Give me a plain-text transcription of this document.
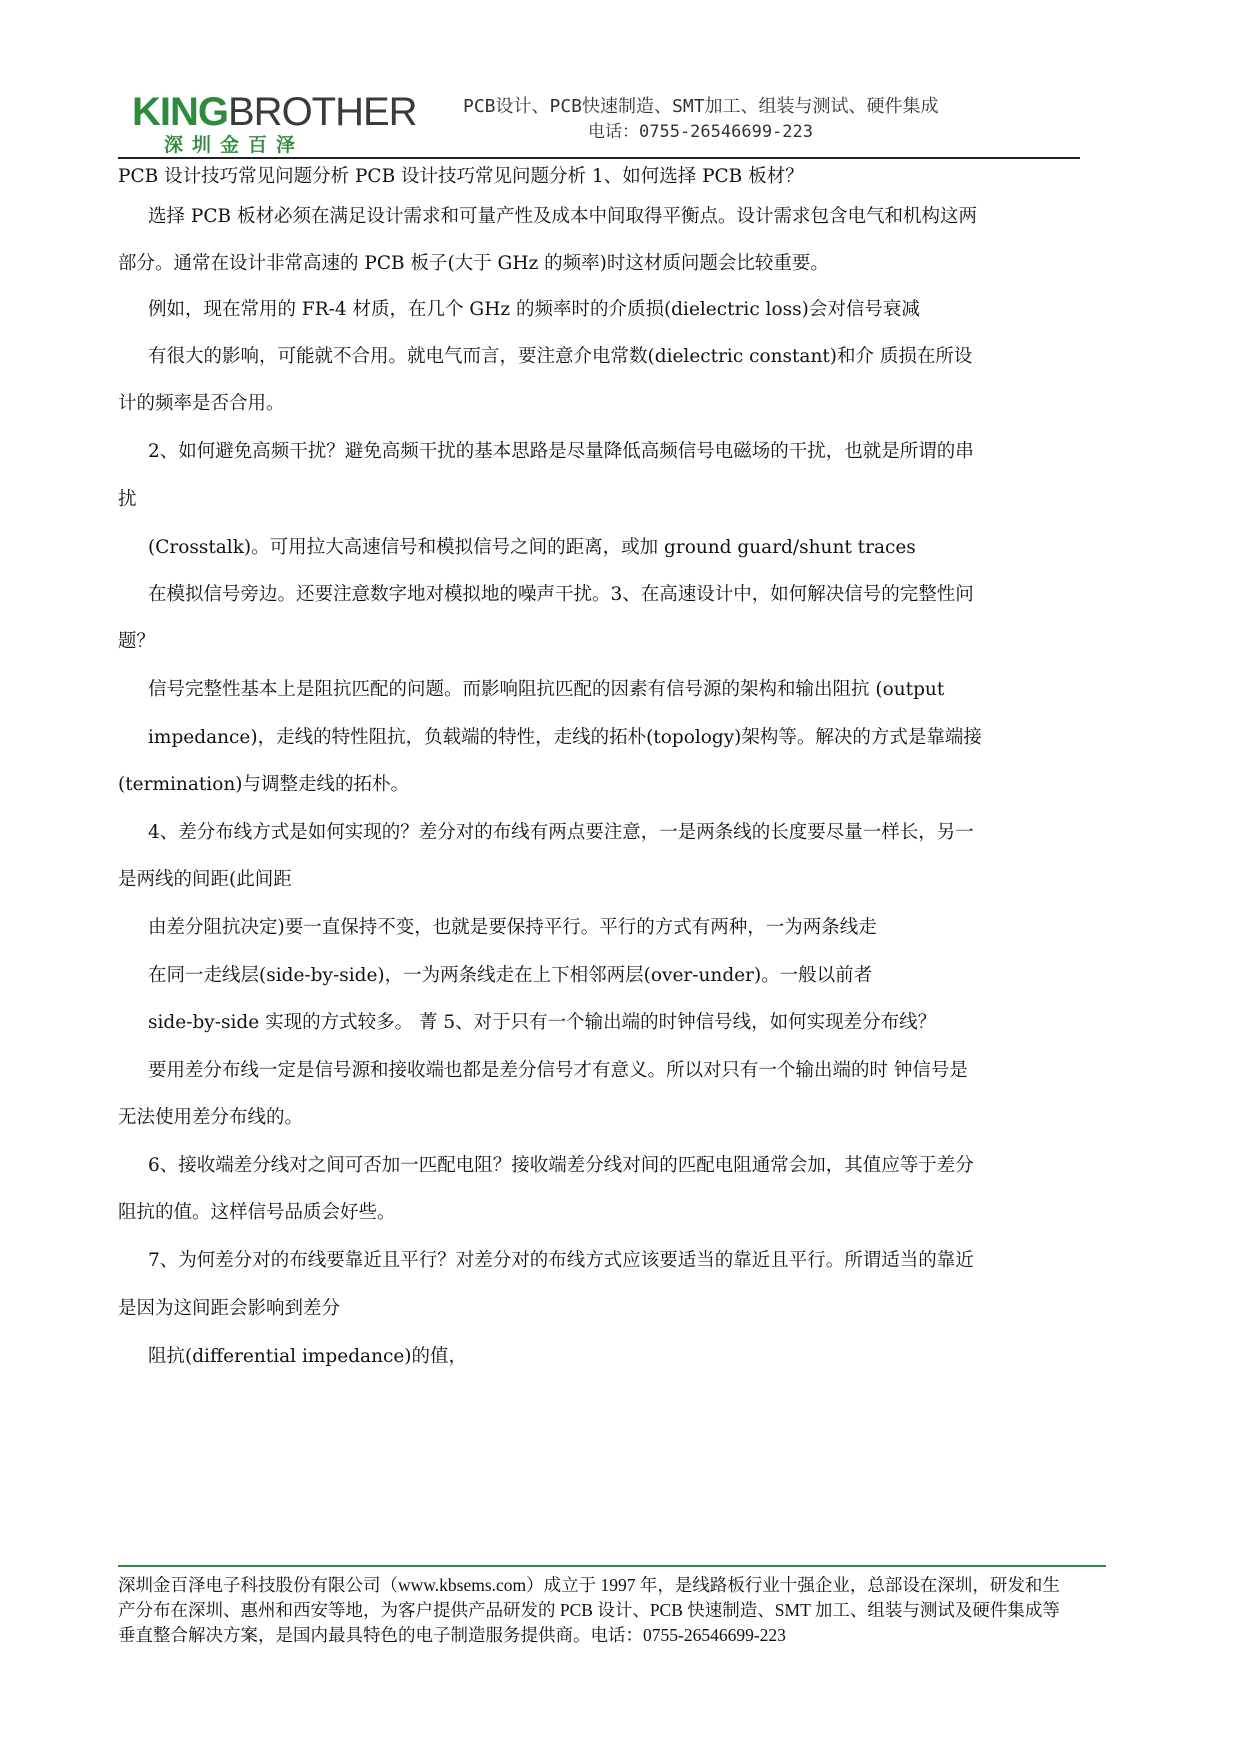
KINGBROTHER
深圳金百泽
PCB设计、PCB快速制造、SMT加工、组装与测试、硬件集成
电话：0755-26546699-223
PCB 设计技巧常见问题分析 PCB 设计技巧常见问题分析 1、如何选择 PCB 板材？
选择 PCB 板材必须在满足设计需求和可量产性及成本中间取得平衡点。设计需求包含电气和机构这两
部分。通常在设计非常高速的 PCB 板子(大于 GHz 的频率)时这材质问题会比较重要。
例如，现在常用的 FR-4 材质，在几个 GHz 的频率时的介质损(dielectric loss)会对信号衰减
有很大的影响，可能就不合用。就电气而言，要注意介电常数(dielectric constant)和介 质损在所设
计的频率是否合用。
2、如何避免高频干扰？避免高频干扰的基本思路是尽量降低高频信号电磁场的干扰，也就是所谓的串
扰
(Crosstalk)。可用拉大高速信号和模拟信号之间的距离，或加 ground guard/shunt traces
在模拟信号旁边。还要注意数字地对模拟地的噪声干扰。3、在高速设计中，如何解决信号的完整性问
题？
信号完整性基本上是阻抗匹配的问题。而影响阻抗匹配的因素有信号源的架构和输出阻抗 (output
impedance)，走线的特性阻抗，负载端的特性，走线的拓朴(topology)架构等。解决的方式是靠端接
(termination)与调整走线的拓朴。
4、差分布线方式是如何实现的？差分对的布线有两点要注意，一是两条线的长度要尽量一样长，另一
是两线的间距(此间距
由差分阻抗决定)要一直保持不变，也就是要保持平行。平行的方式有两种，一为两条线走
在同一走线层(side-by-side)，一为两条线走在上下相邻两层(over-under)。一般以前者
side-by-side 实现的方式较多。 菁 5、对于只有一个输出端的时钟信号线，如何实现差分布线？
要用差分布线一定是信号源和接收端也都是差分信号才有意义。所以对只有一个输出端的时 钟信号是
无法使用差分布线的。
6、接收端差分线对之间可否加一匹配电阻？接收端差分线对间的匹配电阻通常会加，其值应等于差分
阻抗的值。这样信号品质会好些。
7、为何差分对的布线要靠近且平行？对差分对的布线方式应该要适当的靠近且平行。所谓适当的靠近
是因为这间距会影响到差分
阻抗(differential impedance)的值，
深圳金百泽电子科技股份有限公司（www.kbsems.com）成立于 1997 年，是线路板行业十强企业，总部设在深圳，研发和生
产分布在深圳、惠州和西安等地，为客户提供产品研发的 PCB 设计、PCB 快速制造、SMT 加工、组装与测试及硬件集成等
垂直整合解决方案，是国内最具特色的电子制造服务提供商。电话：0755-26546699-223
